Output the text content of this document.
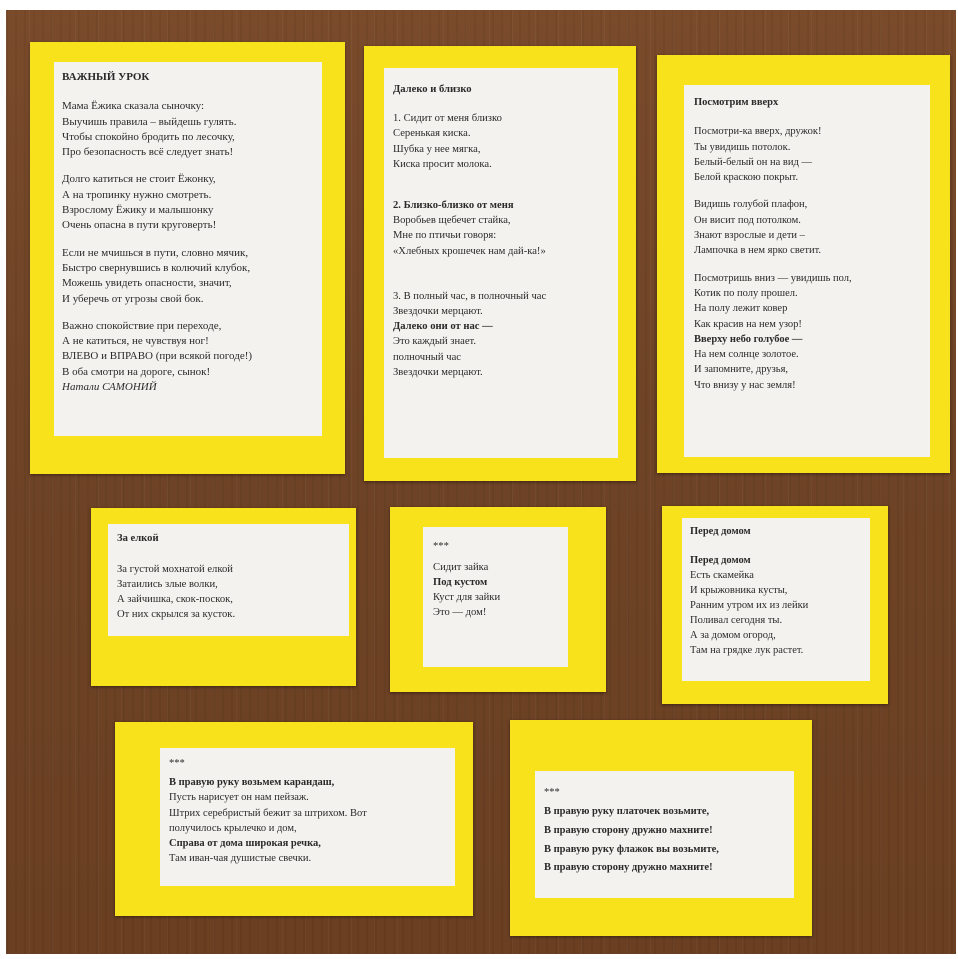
ВАЖНЫЙ УРОК
Мама Ёжика сказала сыночку:
Выучишь правила – выйдешь гулять.
Чтобы спокойно бродить по лесочку,
Про безопасность всё следует знать!
Долго катиться не стоит Ёжонку,
А на тропинку нужно смотреть.
Взрослому Ёжику и малышонку
Очень опасна в пути круговерть!
Если не мчишься в пути, словно мячик,
Быстро свернувшись в колючий клубок,
Можешь увидеть опасности, значит,
И уберечь от угрозы свой бок.
Важно спокойствие при переходе,
А не катиться, не чувствуя ног!
ВЛЕВО и ВПРАВО (при всякой погоде!)
В оба смотри на дороге, сынок!
Натали САМОНИЙ
Далеко и близко
1. Сидит от меня близко
Серенькая киска.
Шубка у нее мягка,
Киска просит молока.
2. Близко-близко от меня
Воробьев щебечет стайка,
Мне по птичьи говоря:
«Хлебных крошечек нам дай-ка!»
3. В полный час, в полночный час
Звездочки мерцают.
Далеко они от нас —
Это каждый знает.
полночный час
Звездочки мерцают.
Посмотрим вверх
Посмотри-ка вверх, дружок!
Ты увидишь потолок.
Белый-белый он на вид —
Белой краскою покрыт.
Видишь голубой плафон,
Он висит под потолком.
Знают взрослые и дети –
Лампочка в нем ярко светит.
Посмотришь вниз — увидишь пол,
Котик по полу прошел.
На полу лежит ковер
Как красив на нем узор!
Вверху небо голубое —
На нем солнце золотое.
И запомните, друзья,
Что внизу у нас земля!
За елкой
За густой мохнатой елкой
Затаились злые волки,
А зайчишка, скок-поскок,
От них скрылся за кусток.
***
Сидит зайка
Под кустом
Куст для зайки
Это — дом!
Перед домом
Перед домом
Есть скамейка
И крыжовника кусты,
Ранним утром их из лейки
Поливал сегодня ты.
А за домом огород,
Там на грядке лук растет.
***
В правую руку возьмем карандаш,
Пусть нарисует он нам пейзаж.
Штрих серебристый бежит за штрихом. Вот
получилось крылечко и дом,
Справа от дома широкая речка,
Там иван-чая душистые свечки.
***
В правую руку платочек возьмите,
В правую сторону дружно махните!
В правую руку флажок вы возьмите,
В правую сторону дружно махните!
